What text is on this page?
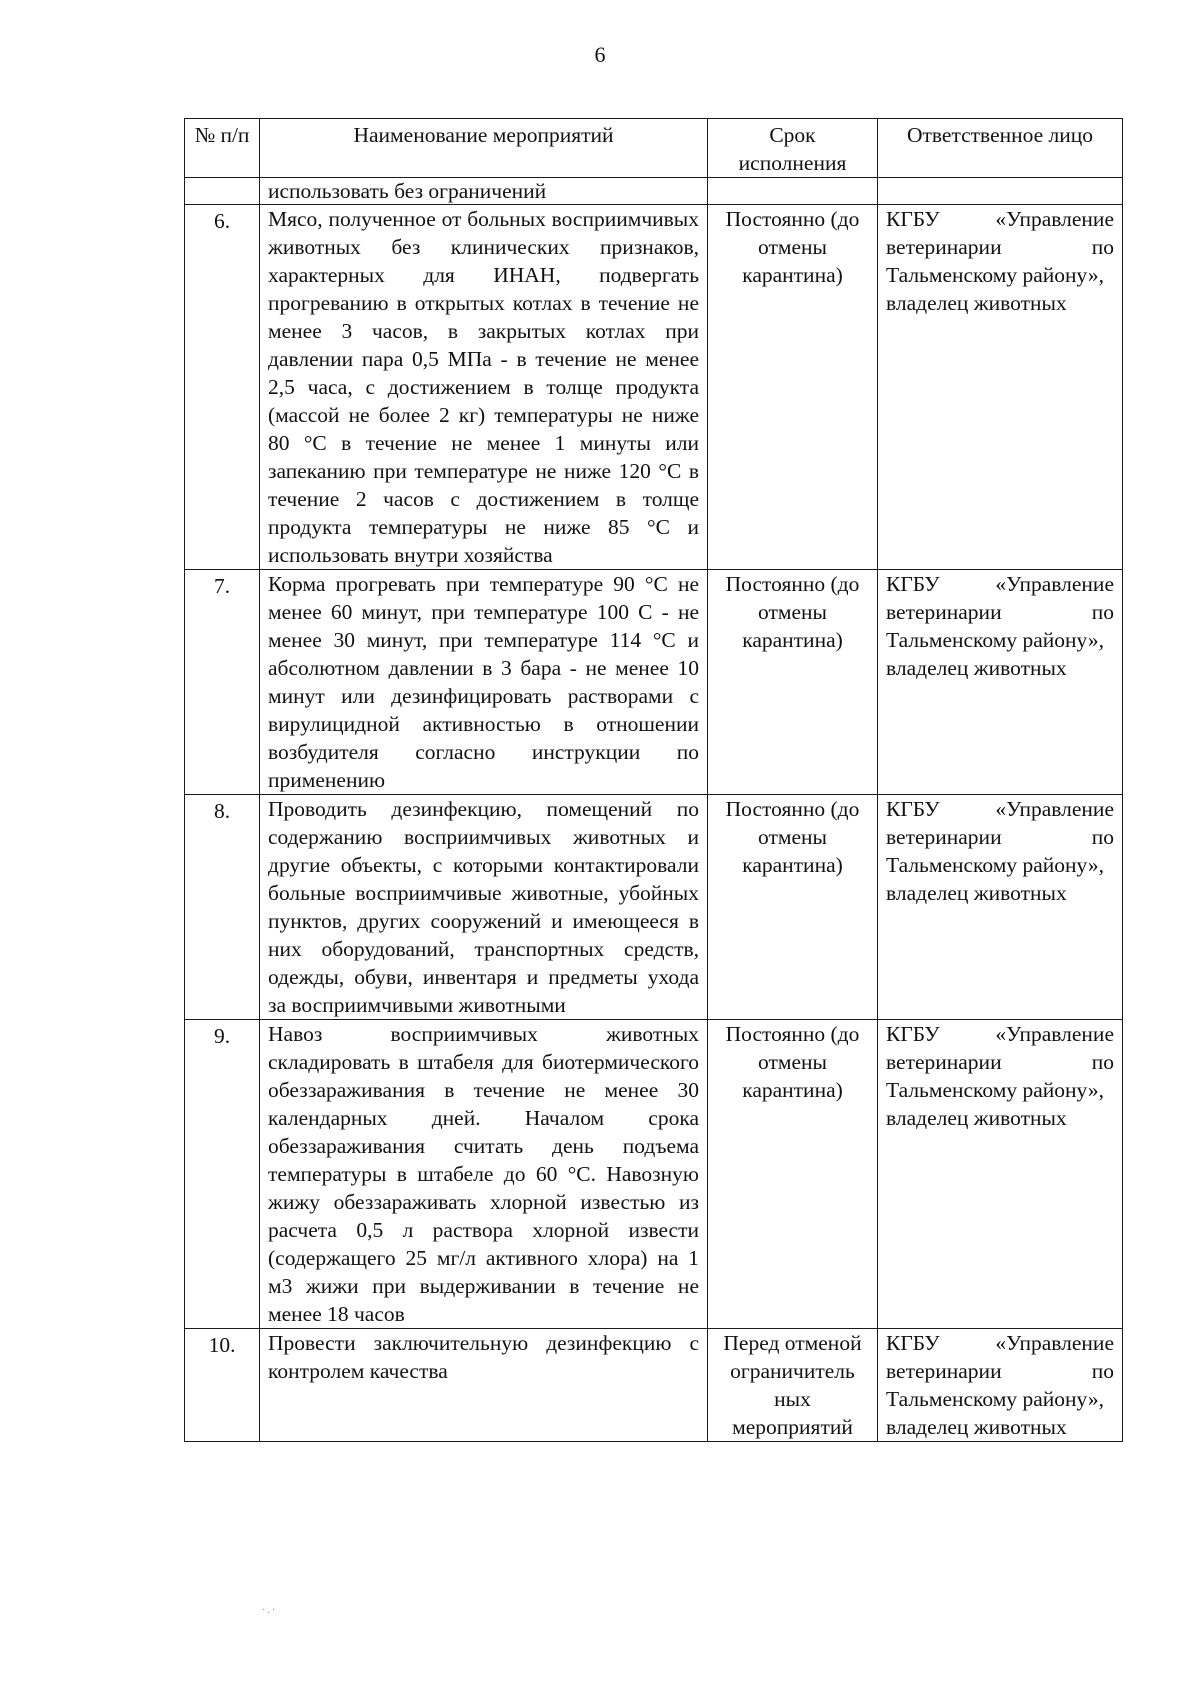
6
№ п/п	Наименование мероприятий	Срок исполнения	Ответственное лицо
	использовать без ограничений		
6.	Мясо, полученное от больных восприимчивых животных без клинических признаков, характерных для ИНАН, подвергать прогреванию в открытых котлах в течение не менее 3 часов, в закрытых котлах при давлении пара 0,5 МПа - в течение не менее 2,5 часа, с достижением в толще продукта (массой не более 2 кг) температуры не ниже 80 °С в течение не менее 1 минуты или запеканию при температуре не ниже 120 °С в течение 2 часов с достижением в толще продукта температуры не ниже 85 °С и использовать внутри хозяйства	Постоянно (до отмены карантина)	КГБУ «Управление ветеринарии по Тальменскому району»,
владелец животных

7.	Корма прогревать при температуре 90 °С не менее 60 минут, при температуре 100 С - не менее 30 минут, при температуре 114 °С и абсолютном давлении в 3 бара - не менее 10 минут или дезинфицировать растворами с вирулицидной активностью в отношении возбудителя согласно инструкции по применению	Постоянно (до отмены карантина)	КГБУ «Управление ветеринарии по Тальменскому району»,
владелец животных

8.	Проводить дезинфекцию, помещений по содержанию восприимчивых животных и другие объекты, с которыми контактировали больные восприимчивые животные, убойных пунктов, других сооружений и имеющееся в них оборудований, транспортных средств, одежды, обуви, инвентаря и предметы ухода за восприимчивыми животными	Постоянно (до отмены карантина)	КГБУ «Управление ветеринарии по Тальменскому району»,
владелец животных

9.	Навоз восприимчивых животных складировать в штабеля для биотермического обеззараживания в течение не менее 30 календарных дней. Началом срока обеззараживания считать день подъема температуры в штабеле до 60 °С. Навозную жижу обеззараживать хлорной известью из расчета 0,5 л раствора хлорной извести (содержащего 25 мг/л активного хлора) на 1 м3 жижи при выдерживании в течение не менее 18 часов	Постоянно (до отмены карантина)	КГБУ «Управление ветеринарии по Тальменскому району»,
владелец животных

10.	Провести заключительную дезинфекцию с контролем качества	Перед отменой ограничитель ных мероприятий	КГБУ «Управление ветеринарии по Тальменскому району»,
владелец животных
·.·
